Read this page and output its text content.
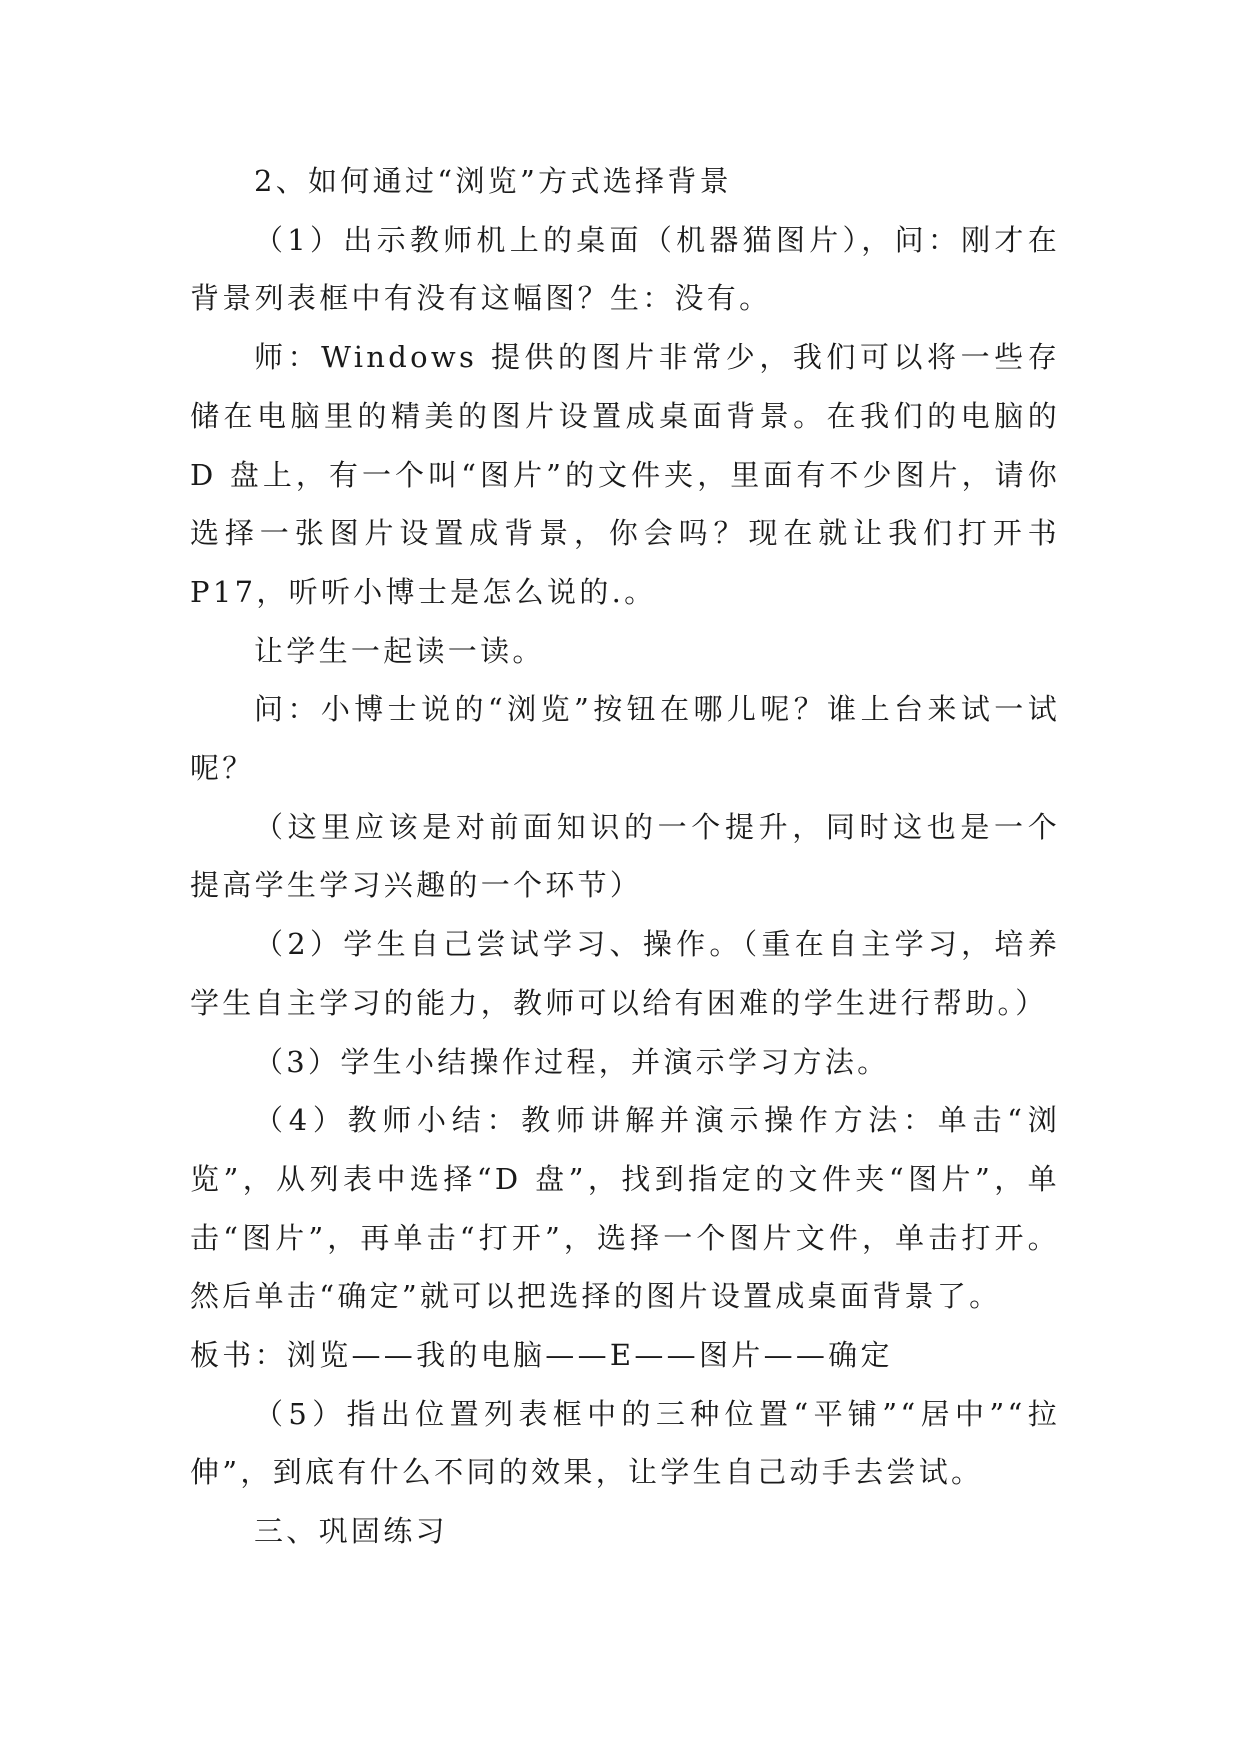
2、如何通过“浏览”方式选择背景

（1）出示教师机上的桌面（机器猫图片），问：刚才在背景列表框中有没有这幅图？生：没有。

师：Windows 提供的图片非常少，我们可以将一些存储在电脑里的精美的图片设置成桌面背景。在我们的电脑的 D 盘上，有一个叫“图片”的文件夹，里面有不少图片，请你选择一张图片设置成背景，你会吗？现在就让我们打开书 P17，听听小博士是怎么说的.。

让学生一起读一读。

问：小博士说的“浏览”按钮在哪儿呢？谁上台来试一试呢？

（这里应该是对前面知识的一个提升，同时这也是一个提高学生学习兴趣的一个环节）

（2）学生自己尝试学习、操作。（重在自主学习，培养学生自主学习的能力，教师可以给有困难的学生进行帮助。）

（3）学生小结操作过程，并演示学习方法。

（4）教师小结：教师讲解并演示操作方法：单击“浏览”，从列表中选择“D 盘”，找到指定的文件夹“图片”，单击“图片”，再单击“打开”，选择一个图片文件，单击打开。然后单击“确定”就可以把选择的图片设置成桌面背景了。

板书：浏览——我的电脑——E——图片——确定

（5）指出位置列表框中的三种位置“平铺”“居中”“拉伸”，到底有什么不同的效果，让学生自己动手去尝试。

三、巩固练习
